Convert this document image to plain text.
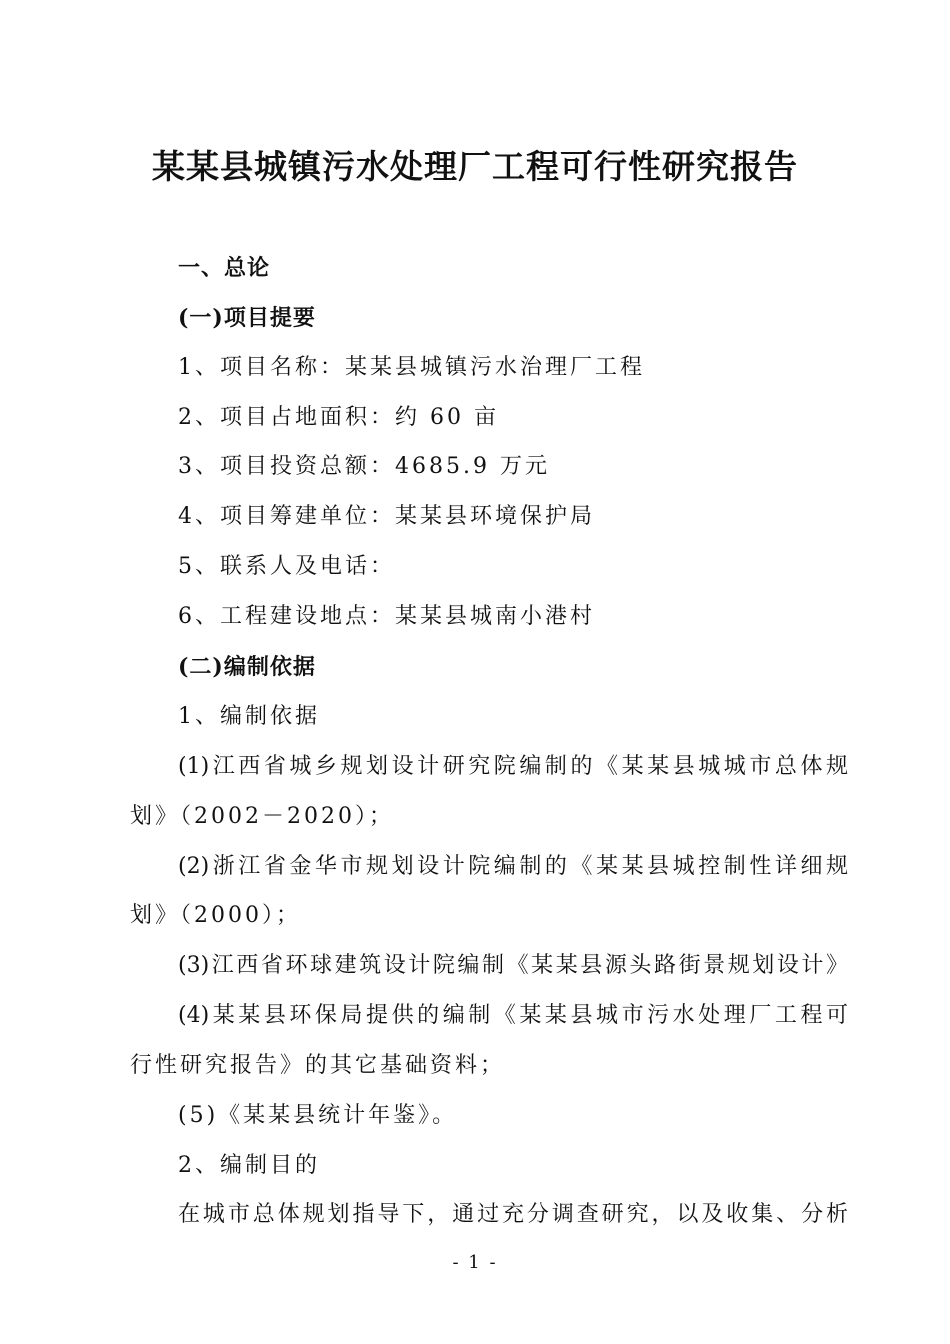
某某县城镇污水处理厂工程可行性研究报告
一、总论
(一)项目提要
1、项目名称：某某县城镇污水治理厂工程
2、项目占地面积：约 60 亩
3、项目投资总额：4685.9 万元
4、项目筹建单位：某某县环境保护局
5、联系人及电话：
6、工程建设地点：某某县城南小港村
(二)编制依据
1、编制依据
(1)江西省城乡规划设计研究院编制的《某某县城城市总体规
划》（2002－2020）；
(2)浙江省金华市规划设计院编制的《某某县城控制性详细规
划》（2000）；
(3)江西省环球建筑设计院编制《某某县源头路街景规划设计》
(4)某某县环保局提供的编制《某某县城市污水处理厂工程可
行性研究报告》的其它基础资料；
(5)《某某县统计年鉴》。
2、编制目的
在城市总体规划指导下，通过充分调查研究，以及收集、分析
- 1 -
